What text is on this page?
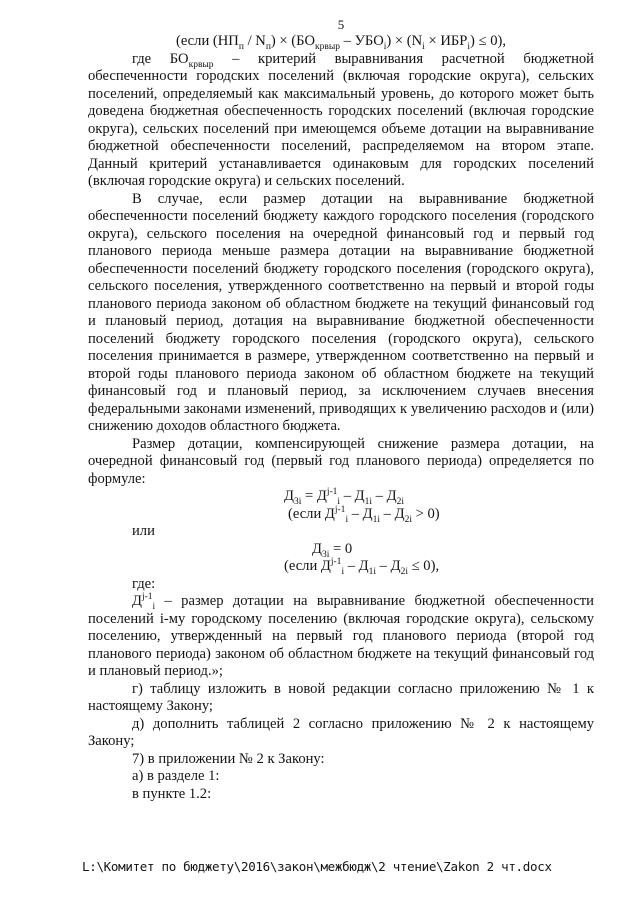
5

(если $(НП_п / N_п) \times (БО_{крвыр} - УБО_i) \times (N_i \times ИБР_i) \le 0$),

где $БО_{крвыр}$ – критерий выравнивания расчетной бюджетной обеспеченности городских поселений (включая городские округа), сельских поселений, определяемый как максимальный уровень, до которого может быть доведена бюджетная обеспеченность городских поселений (включая городские округа), сельских поселений при имеющемся объеме дотации на выравнивание бюджетной обеспеченности поселений, распределяемом на втором этапе. Данный критерий устанавливается одинаковым для городских поселений (включая городские округа) и сельских поселений.

В случае, если размер дотации на выравнивание бюджетной обеспеченности поселений бюджету каждого городского поселения (городского округа), сельского поселения на очередной финансовый год и первый год планового периода меньше размера дотации на выравнивание бюджетной обеспеченности поселений бюджету городского поселения (городского округа), сельского поселения, утвержденного соответственно на первый и второй годы планового периода законом об областном бюджете на текущий финансовый год и плановый период, дотация на выравнивание бюджетной обеспеченности поселений бюджету городского поселения (городского округа), сельского поселения принимается в размере, утвержденном соответственно на первый и второй годы планового периода законом об областном бюджете на текущий финансовый год и плановый период, за исключением случаев внесения федеральными законами изменений, приводящих к увеличению расходов и (или) снижению доходов областного бюджета.

Размер дотации, компенсирующей снижение размера дотации, на очередной финансовый год (первый год планового периода) определяется по формуле:

$Д_{3i} = Д^{j-1}_i - Д_{1i} - Д_{2i}$

(если $Д^{j-1}_i - Д_{1i} - Д_{2i} > 0$)

или

$Д_{3i} = 0$

(если $Д^{j-1}_i - Д_{1i} - Д_{2i} \le 0$),

где:

$Д^{j-1}_i$ – размер дотации на выравнивание бюджетной обеспеченности поселений i-му городскому поселению (включая городские округа), сельскому поселению, утвержденный на первый год планового периода (второй год планового периода) законом об областном бюджете на текущий финансовый год и плановый период.»;

г) таблицу изложить в новой редакции согласно приложению № 1 к настоящему Закону;

д) дополнить таблицей 2 согласно приложению № 2 к настоящему Закону;

7) в приложении № 2 к Закону:

а) в разделе 1:

в пункте 1.2:

L:\Комитет по бюджету\2016\закон\межбюдж\2 чтение\Zakon 2 чт.docx
